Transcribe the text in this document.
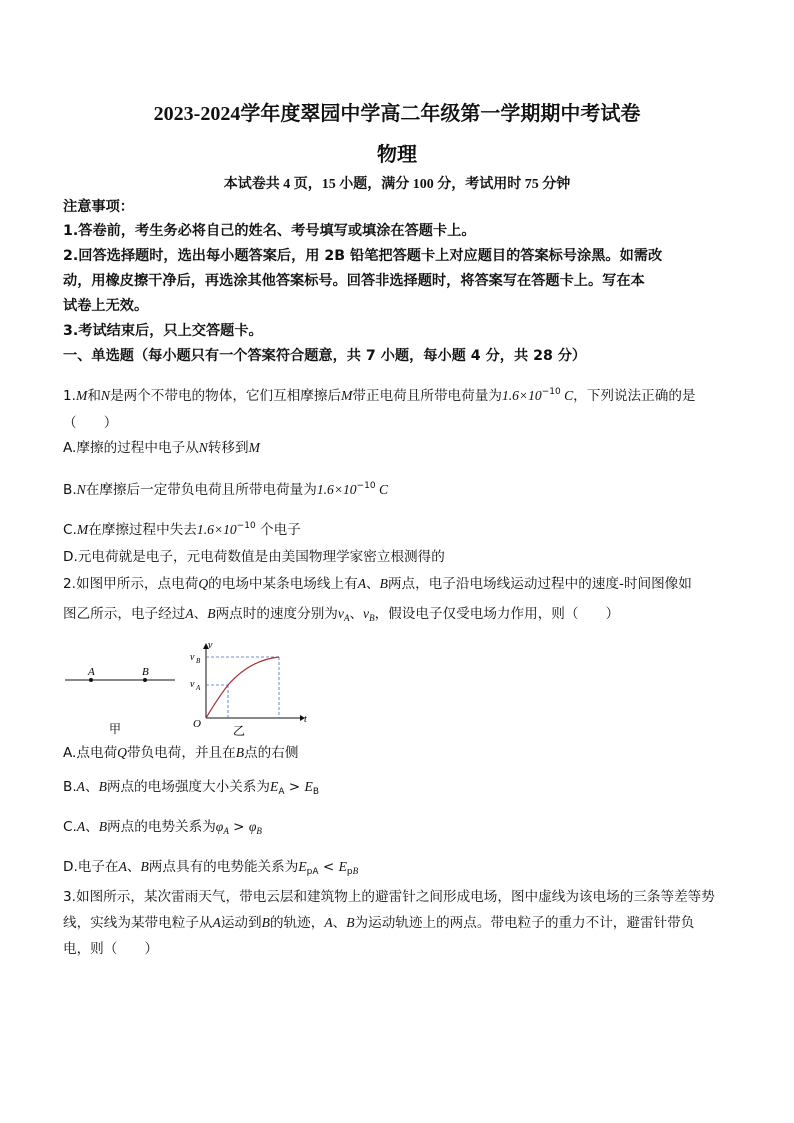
2023-2024学年度翠园中学高二年级第一学期期中考试卷
物理
本试卷共 4 页，15 小题，满分 100 分，考试用时 75 分钟
注意事项：
1.答卷前，考生务必将自己的姓名、考号填写或填涂在答题卡上。
2.回答选择题时，选出每小题答案后，用 2B 铅笔把答题卡上对应题目的答案标号涂黑。如需改
动，用橡皮擦干净后，再选涂其他答案标号。回答非选择题时，将答案写在答题卡上。写在本
试卷上无效。
3.考试结束后，只上交答题卡。
一、单选题（每小题只有一个答案符合题意，共 7 小题，每小题 4 分，共 28 分）
1.M和N是两个不带电的物体，它们互相摩擦后M带正电荷且所带电荷量为$1.6\times 10^{-10}$ C，下列说法正确的是
（　　）
A.摩擦的过程中电子从N转移到M
B.N在摩擦后一定带负电荷且所带电荷量为$1.6\times 10^{-10}$ C
C.M在摩擦过程中失去$1.6\times 10^{-10}$ 个电子
D.元电荷就是电子，元电荷数值是由美国物理学家密立根测得的
2.如图甲所示，点电荷Q的电场中某条电场线上有A、B两点，电子沿电场线运动过程中的速度-时间图像如
图乙所示，电子经过A、B两点时的速度分别为$v_A$、$v_B$，假设电子仅受电场力作用，则（　　）
A	B
甲
v
t
O
v B
v A
乙
A.点电荷Q带负电荷，并且在B点的右侧
B.A、B两点的电场强度大小关系为$E_A > E_B$
C.A、B两点的电势关系为$\varphi_A > \varphi_B$
D.电子在A、B两点具有的电势能关系为$E_{pA} < E_{pB}$
3.如图所示，某次雷雨天气，带电云层和建筑物上的避雷针之间形成电场，图中虚线为该电场的三条等差等势
线，实线为某带电粒子从A运动到B的轨迹，A、B为运动轨迹上的两点。带电粒子的重力不计，避雷针带负
电，则（　　）
